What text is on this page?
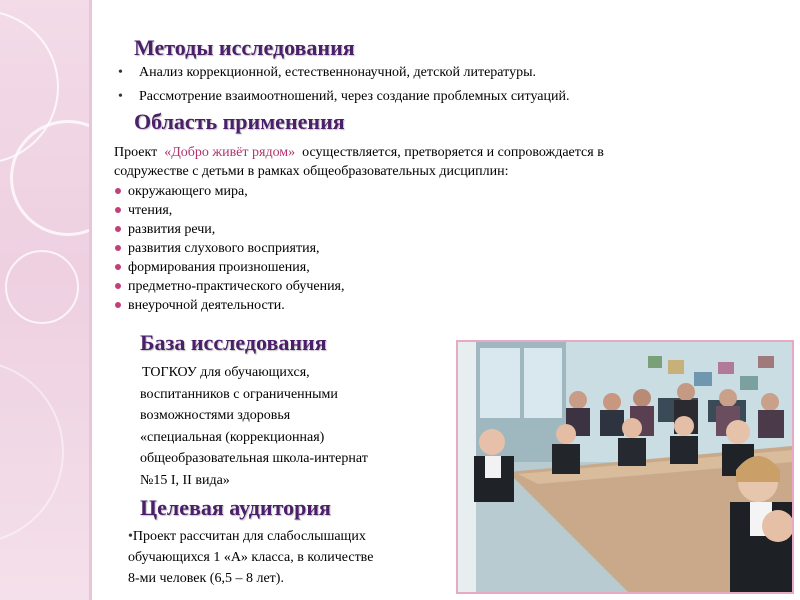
Методы исследования
• Анализ коррекционной, естественнонаучной, детской литературы.
• Рассмотрение взаимоотношений, через создание проблемных ситуаций.
Область применения
Проект «Добро живёт рядом» осуществляется, претворяется и сопровождается в
содружестве с детьми в рамках общеобразовательных дисциплин:
окружающего мира,
чтения,
развития речи,
развития слухового восприятия,
формирования произношения,
предметно-практического обучения,
внеурочной деятельности.
База исследования
ТОГКОУ для обучающихся,
воспитанников с ограниченными
возможностями здоровья
«специальная (коррекционная)
общеобразовательная школа-интернат
№15 I, II вида»
Целевая аудитория
•Проект рассчитан для слабослышащих
обучающихся 1 «А» класса, в количестве
8-ми человек (6,5 – 8 лет).
